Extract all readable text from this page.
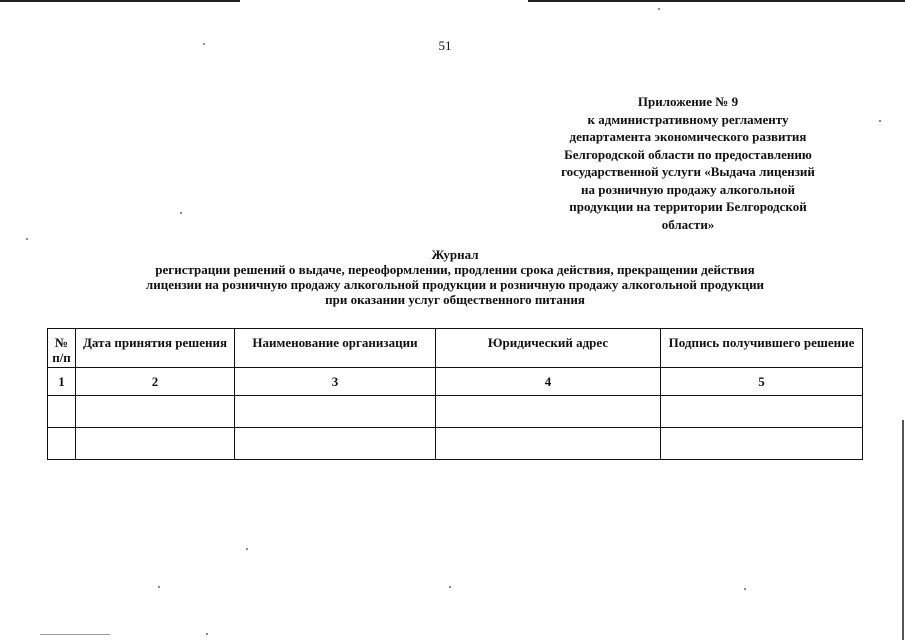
51
Приложение № 9
к административному регламенту
департамента экономического развития
Белгородской области по предоставлению
государственной услуги «Выдача лицензий
на розничную продажу алкогольной
продукции на территории Белгородской
области»
Журнал
регистрации решений о выдаче, переоформлении, продлении срока действия, прекращении действия
лицензии на розничную продажу алкогольной продукции и розничную продажу алкогольной продукции
при оказании услуг общественного питания
№ п/п	Дата принятия решения	Наименование организации	Юридический адрес	Подпись получившего решение
1	2	3	4	5
